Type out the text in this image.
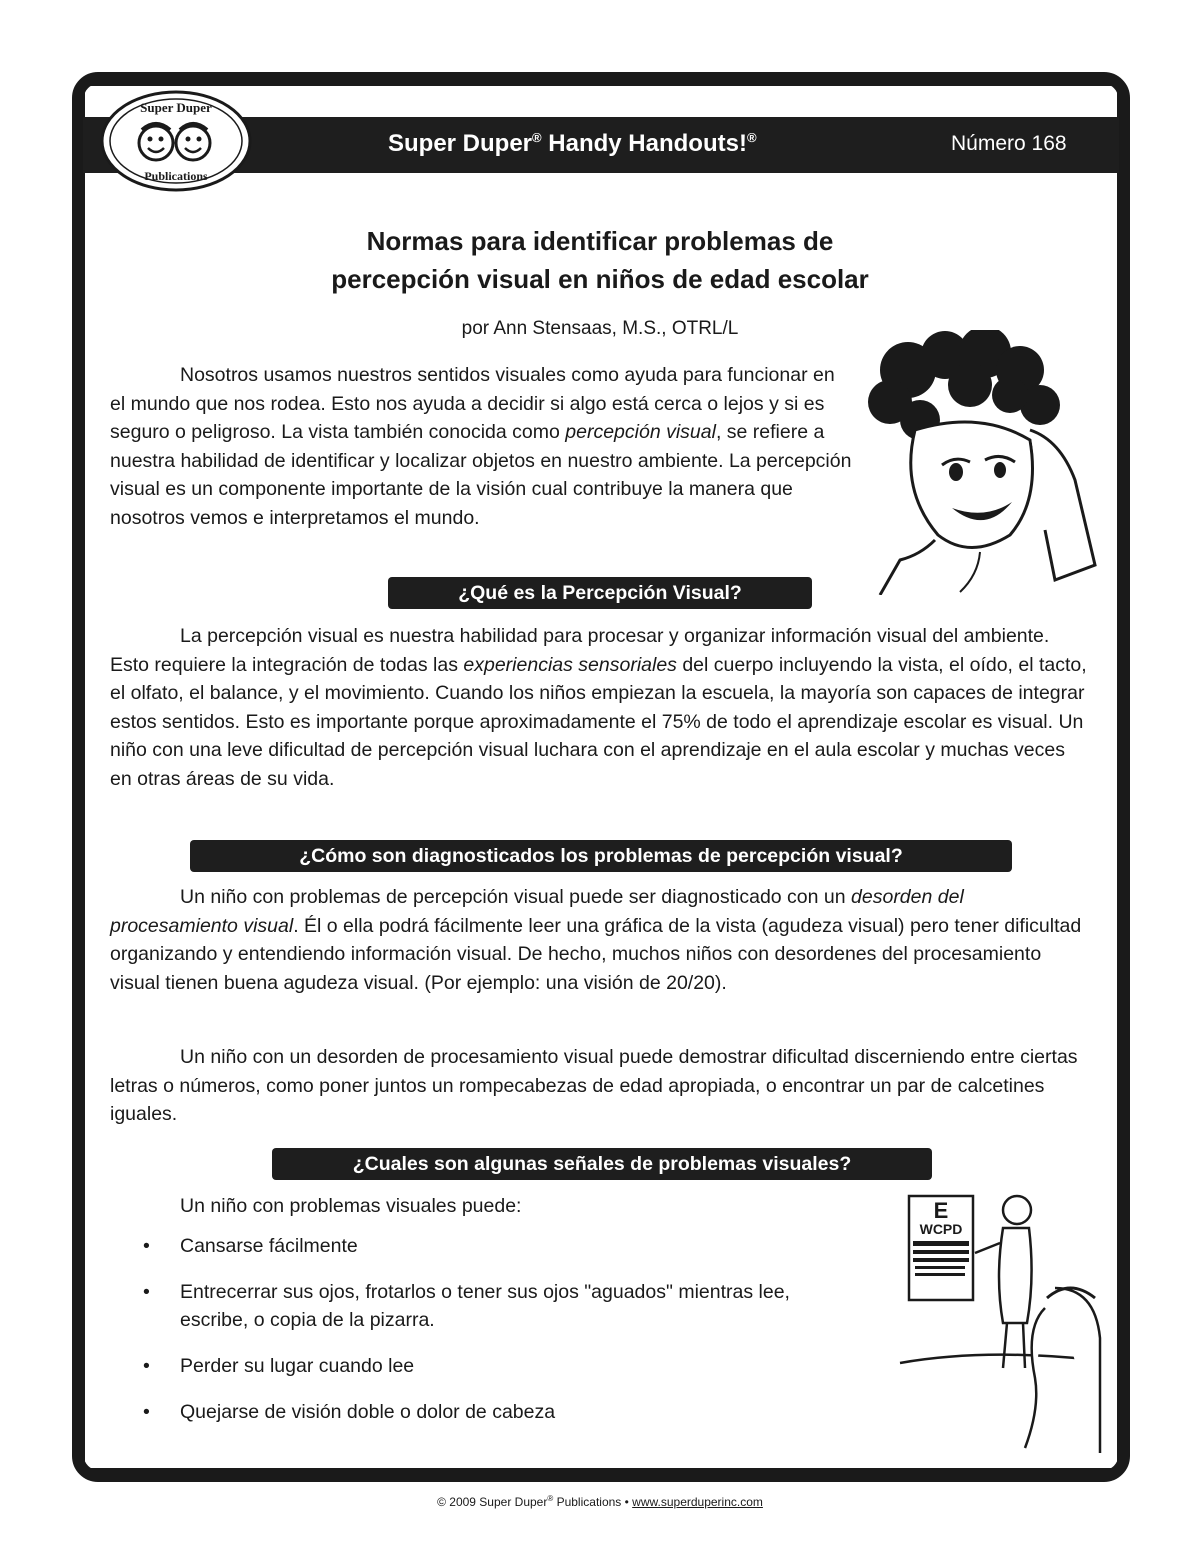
Super Duper
Publications
Super Duper® Handy Handouts!®	Número 168
Normas para identificar problemas de
percepción visual en niños de edad escolar
por Ann Stensaas, M.S., OTRL/L

Nosotros usamos nuestros sentidos visuales como ayuda para funcionar en el mundo que nos rodea. Esto nos ayuda a decidir si algo está cerca o lejos y si es seguro o peligroso. La vista también conocida como percepción visual, se refiere a nuestra habilidad de identificar y localizar objetos en nuestro ambiente. La percepción visual es un componente importante de la visión cual contribuye la manera que nosotros vemos e interpretamos el mundo.

¿Qué es la Percepción Visual?

La percepción visual es nuestra habilidad para procesar y organizar información visual del ambiente. Esto requiere la integración de todas las experiencias sensoriales del cuerpo incluyendo la vista, el oído, el tacto, el olfato, el balance, y el movimiento. Cuando los niños empiezan la escuela, la mayoría son capaces de integrar estos sentidos. Esto es importante porque aproximadamente el 75% de todo el aprendizaje escolar es visual. Un niño con una leve dificultad de percepción visual luchara con el aprendizaje en el aula escolar y muchas veces en otras áreas de su vida.

¿Cómo son diagnosticados los problemas de percepción visual?

Un niño con problemas de percepción visual puede ser diagnosticado con un desorden del procesamiento visual. Él o ella podrá fácilmente leer una gráfica de la vista (agudeza visual) pero tener dificultad organizando y entendiendo información visual. De hecho, muchos niños con desordenes del procesamiento visual tienen buena agudeza visual. (Por ejemplo: una visión de 20/20).

Un niño con un desorden de procesamiento visual puede demostrar dificultad discerniendo entre ciertas letras o números, como poner juntos un rompecabezas de edad apropiada, o encontrar un par de calcetines iguales.

¿Cuales son algunas señales de problemas visuales?

Un niño con problemas visuales puede:

• Cansarse fácilmente
• Entrecerrar sus ojos, frotarlos o tener sus ojos "aguados" mientras lee, escribe, o copia de la pizarra.
• Perder su lugar cuando lee
• Quejarse de visión doble o dolor de cabeza
E
WCPD
© 2009 Super Duper® Publications • www.superduperinc.com
